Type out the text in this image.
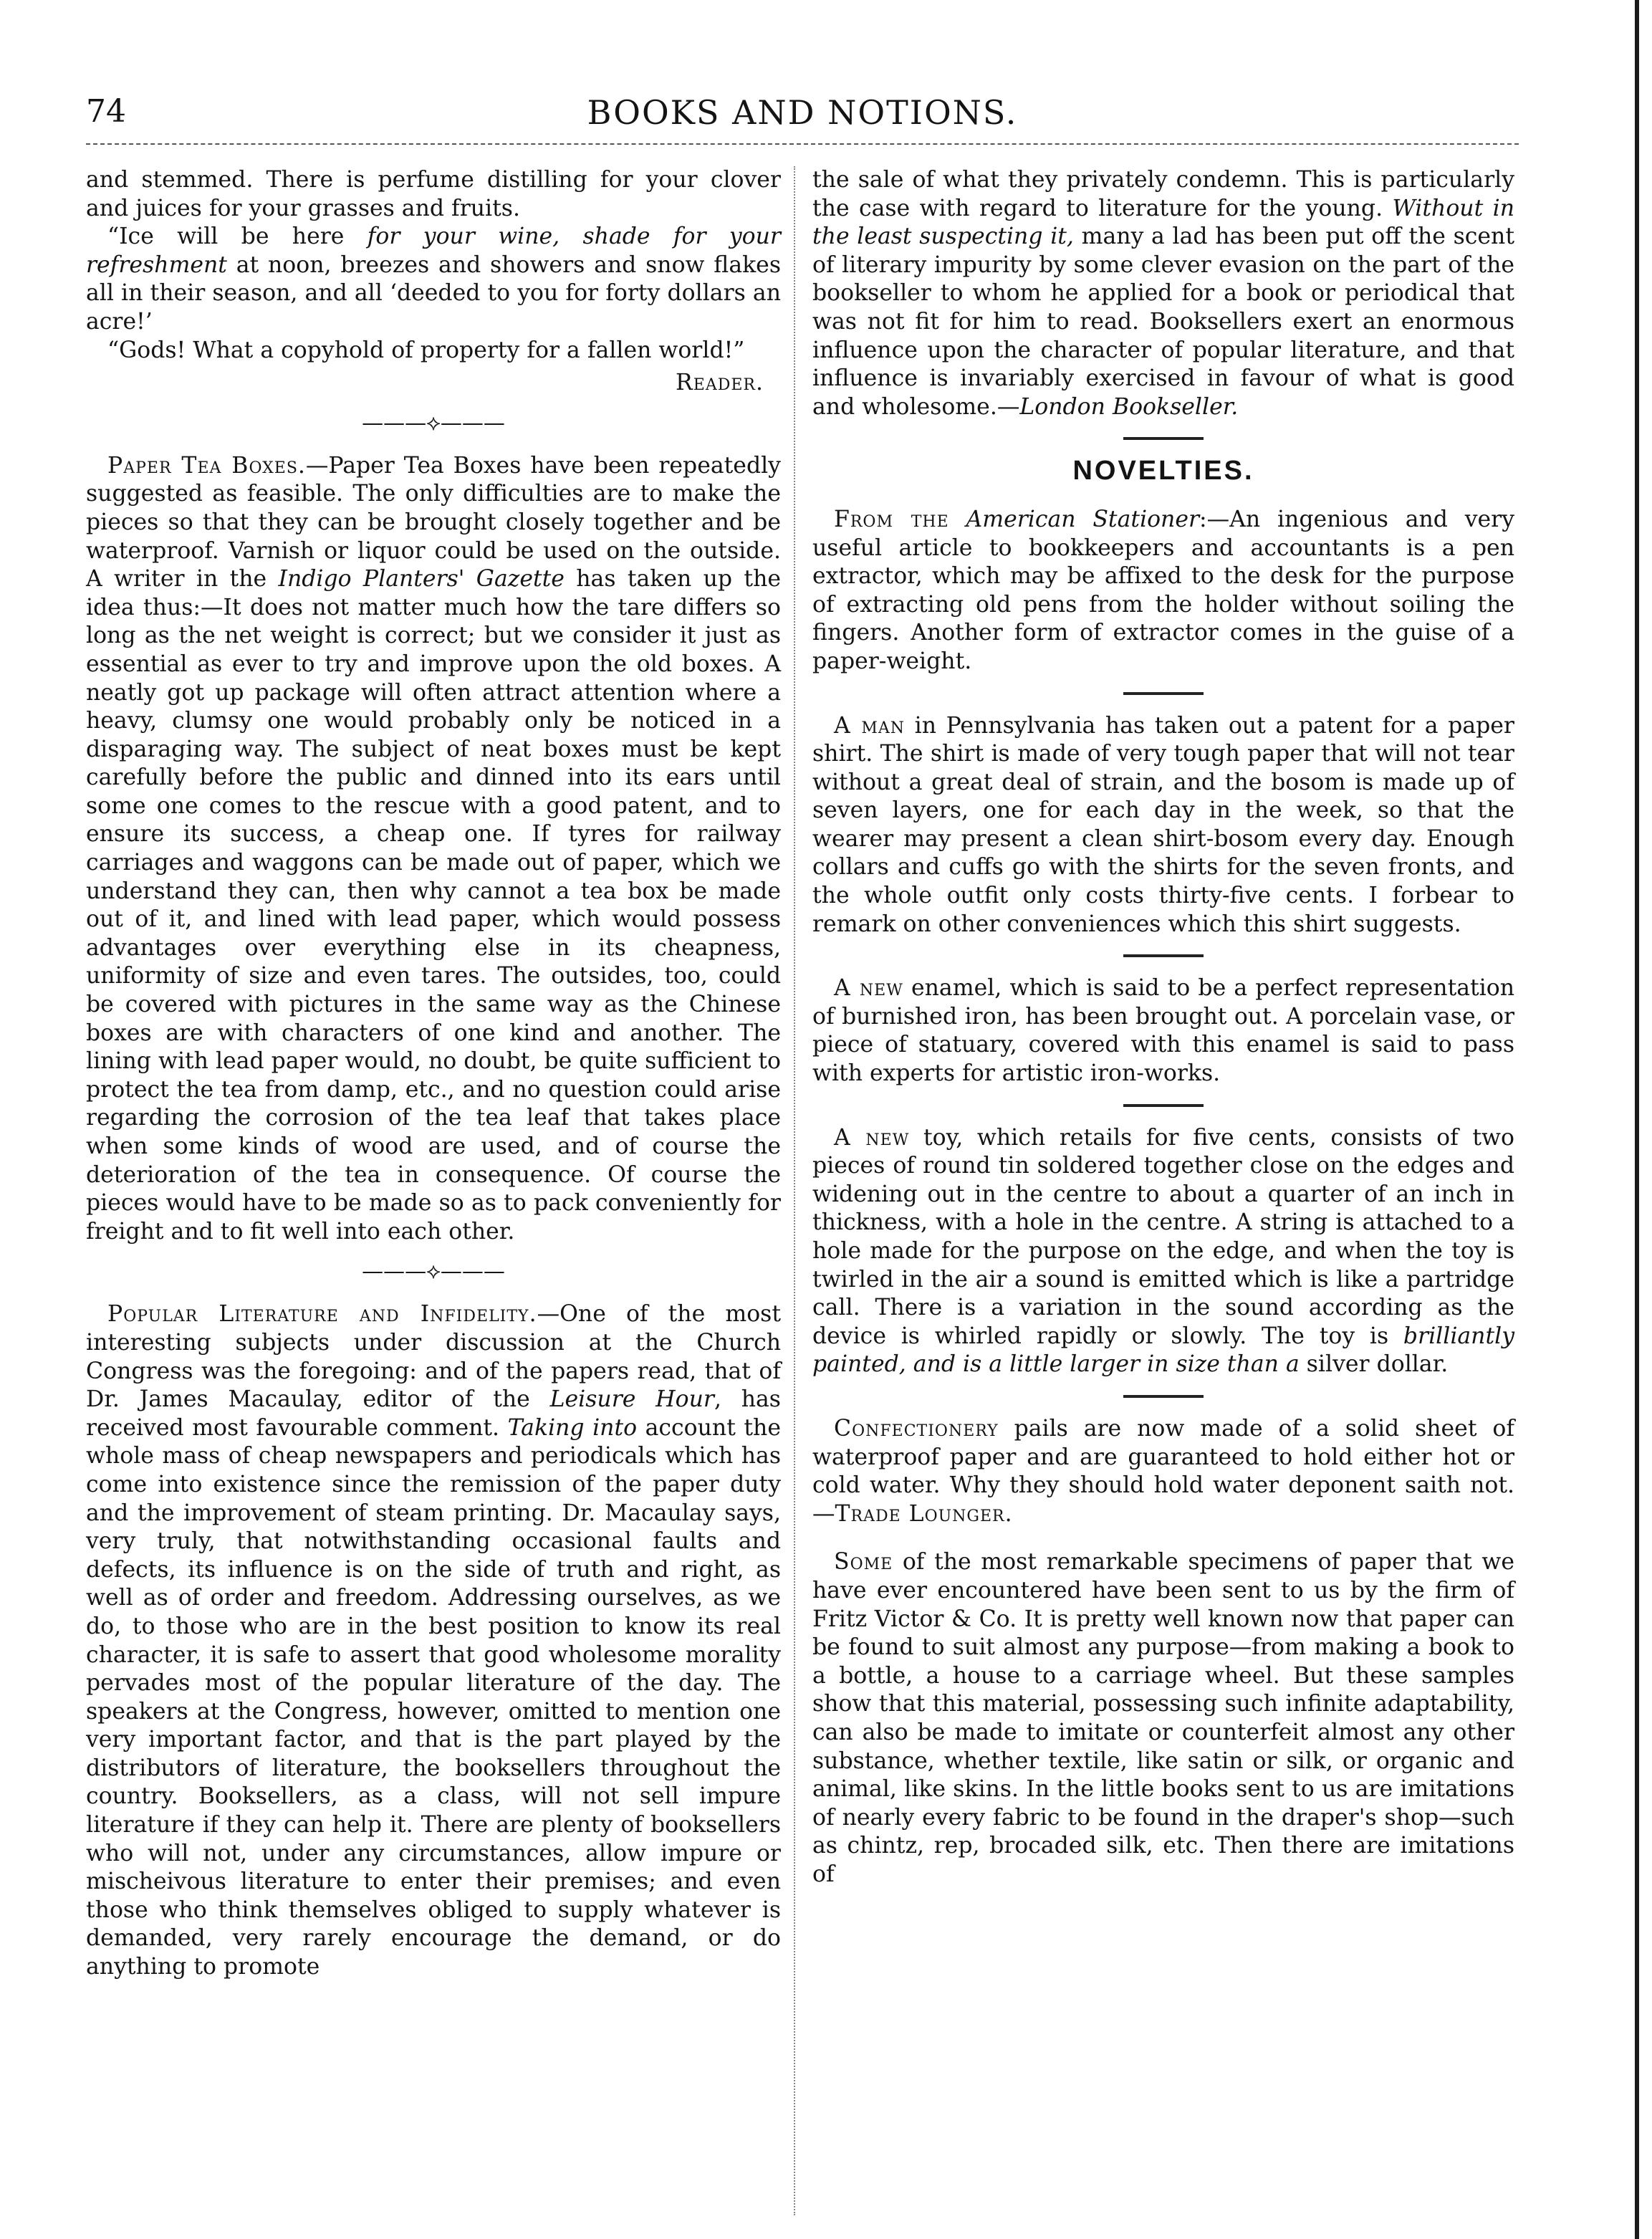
74	BOOKS AND NOTIONS.

and stemmed. There is perfume distilling for your clover and juices for your grasses and fruits.

“Ice will be here for your wine, shade for your refreshment at noon, breezes and showers and snow flakes all in their season, and all ‘deeded to you for forty dollars an acre!’

“Gods! What a copyhold of property for a fallen world!”

Reader.
———⟡———

Paper Tea Boxes.—Paper Tea Boxes have been repeatedly suggested as feasible. The only difficulties are to make the pieces so that they can be brought closely together and be waterproof. Varnish or liquor could be used on the outside. A writer in the Indigo Planters' Gazette has taken up the idea thus:—It does not matter much how the tare differs so long as the net weight is correct; but we consider it just as essential as ever to try and improve upon the old boxes. A neatly got up package will often attract attention where a heavy, clumsy one would probably only be noticed in a disparaging way. The subject of neat boxes must be kept carefully before the public and dinned into its ears until some one comes to the rescue with a good patent, and to ensure its success, a cheap one. If tyres for railway carriages and waggons can be made out of paper, which we understand they can, then why cannot a tea box be made out of it, and lined with lead paper, which would possess advantages over everything else in its cheapness, uniformity of size and even tares. The outsides, too, could be covered with pictures in the same way as the Chinese boxes are with characters of one kind and another. The lining with lead paper would, no doubt, be quite sufficient to protect the tea from damp, etc., and no question could arise regarding the corrosion of the tea leaf that takes place when some kinds of wood are used, and of course the deterioration of the tea in consequence. Of course the pieces would have to be made so as to pack conveniently for freight and to fit well into each other.

———⟡———

Popular Literature and Infidelity.—One of the most interesting subjects under discussion at the Church Congress was the foregoing: and of the papers read, that of Dr. James Macaulay, editor of the Leisure Hour, has received most favourable comment. Taking into account the whole mass of cheap newspapers and periodicals which has come into existence since the remission of the paper duty and the improvement of steam printing. Dr. Macaulay says, very truly, that notwithstanding occasional faults and defects, its influence is on the side of truth and right, as well as of order and freedom. Addressing ourselves, as we do, to those who are in the best position to know its real character, it is safe to assert that good wholesome morality pervades most of the popular literature of the day. The speakers at the Congress, however, omitted to mention one very important factor, and that is the part played by the distributors of literature, the booksellers throughout the country. Booksellers, as a class, will not sell impure literature if they can help it. There are plenty of booksellers who will not, under any circumstances, allow impure or mischeivous literature to enter their premises; and even those who think themselves obliged to supply whatever is demanded, very rarely encourage the demand, or do anything to promote

the sale of what they privately condemn. This is particularly the case with regard to literature for the young. Without in the least suspecting it, many a lad has been put off the scent of literary impurity by some clever evasion on the part of the bookseller to whom he applied for a book or periodical that was not fit for him to read. Booksellers exert an enormous influence upon the character of popular literature, and that influence is invariably exercised in favour of what is good and wholesome.—London Bookseller.

NOVELTIES.

From the American Stationer:—An ingenious and very useful article to bookkeepers and accountants is a pen extractor, which may be affixed to the desk for the purpose of extracting old pens from the holder without soiling the fingers. Another form of extractor comes in the guise of a paper-weight.

A man in Pennsylvania has taken out a patent for a paper shirt. The shirt is made of very tough paper that will not tear without a great deal of strain, and the bosom is made up of seven layers, one for each day in the week, so that the wearer may present a clean shirt-bosom every day. Enough collars and cuffs go with the shirts for the seven fronts, and the whole outfit only costs thirty-five cents. I forbear to remark on other conveniences which this shirt suggests.

A new enamel, which is said to be a perfect representation of burnished iron, has been brought out. A porcelain vase, or piece of statuary, covered with this enamel is said to pass with experts for artistic iron-works.

A new toy, which retails for five cents, consists of two pieces of round tin soldered together close on the edges and widening out in the centre to about a quarter of an inch in thickness, with a hole in the centre. A string is attached to a hole made for the purpose on the edge, and when the toy is twirled in the air a sound is emitted which is like a partridge call. There is a variation in the sound according as the device is whirled rapidly or slowly. The toy is brilliantly painted, and is a little larger in size than a silver dollar.

Confectionery pails are now made of a solid sheet of waterproof paper and are guaranteed to hold either hot or cold water. Why they should hold water deponent saith not.—Trade Lounger.

Some of the most remarkable specimens of paper that we have ever encountered have been sent to us by the firm of Fritz Victor & Co. It is pretty well known now that paper can be found to suit almost any purpose—from making a book to a bottle, a house to a carriage wheel. But these samples show that this material, possessing such infinite adaptability, can also be made to imitate or counterfeit almost any other substance, whether textile, like satin or silk, or organic and animal, like skins. In the little books sent to us are imitations of nearly every fabric to be found in the draper's shop—such as chintz, rep, brocaded silk, etc. Then there are imitations of
